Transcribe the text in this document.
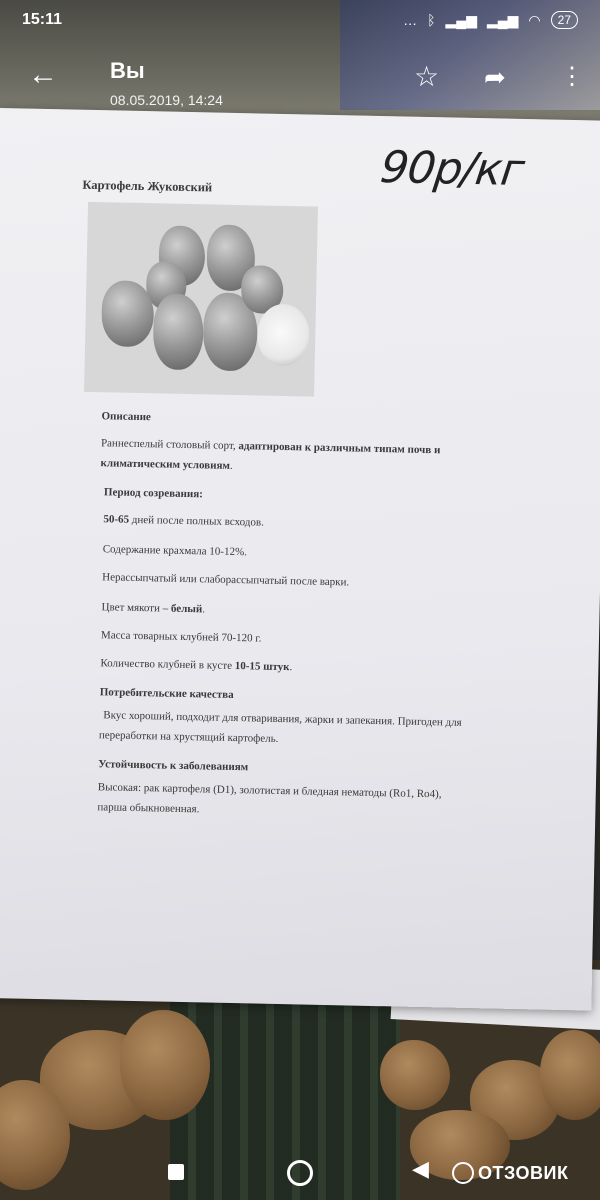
Картофель Жуковский	90р/кг
Описание
Раннеспелый столовый сорт, адаптирован к различным типам почв и
климатическим условиям.
Период созревания:
50-65 дней после полных всходов.
Содержание крахмала 10-12%.
Нерассыпчатый или слаборассыпчатый после варки.
Цвет мякоти – белый.
Масса товарных клубней 70-120 г.
Количество клубней в кусте 10-15 штук.
Потребительские качества
Вкус хороший, подходит для отваривания, жарки и запекания. Пригоден для
переработки на хрустящий картофель.
Устойчивость к заболеваниям
Высокая: рак картофеля (D1), золотистая и бледная нематоды (Ro1, Ro4),
парша обыкновенная.
15:11	… ᛒ ▂▄▆ ▂▄▆ ◠	27
← Вы
08.05.2019, 14:24
☆ ➦ ⋮
◀	ОТЗОВИК
